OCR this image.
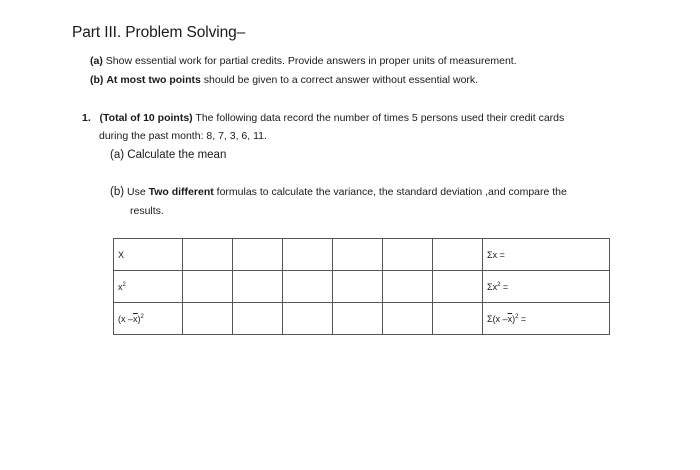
Part III. Problem Solving–
(a) Show essential work for partial credits. Provide answers in proper units of measurement.
(b) At most two points should be given to a correct answer without essential work.
1. (Total of 10 points) The following data record the number of times 5 persons used their credit cards
during the past month: 8, 7, 3, 6, 11.
(a) Calculate the mean
(b) Use Two different formulas to calculate the variance, the standard deviation ,and compare the
results.
X							Σx =
$x^2$							$\Sigma x^2$ =
(x $-\overline{x})^2$							Σ(x $-\overline{x})^2$ =
